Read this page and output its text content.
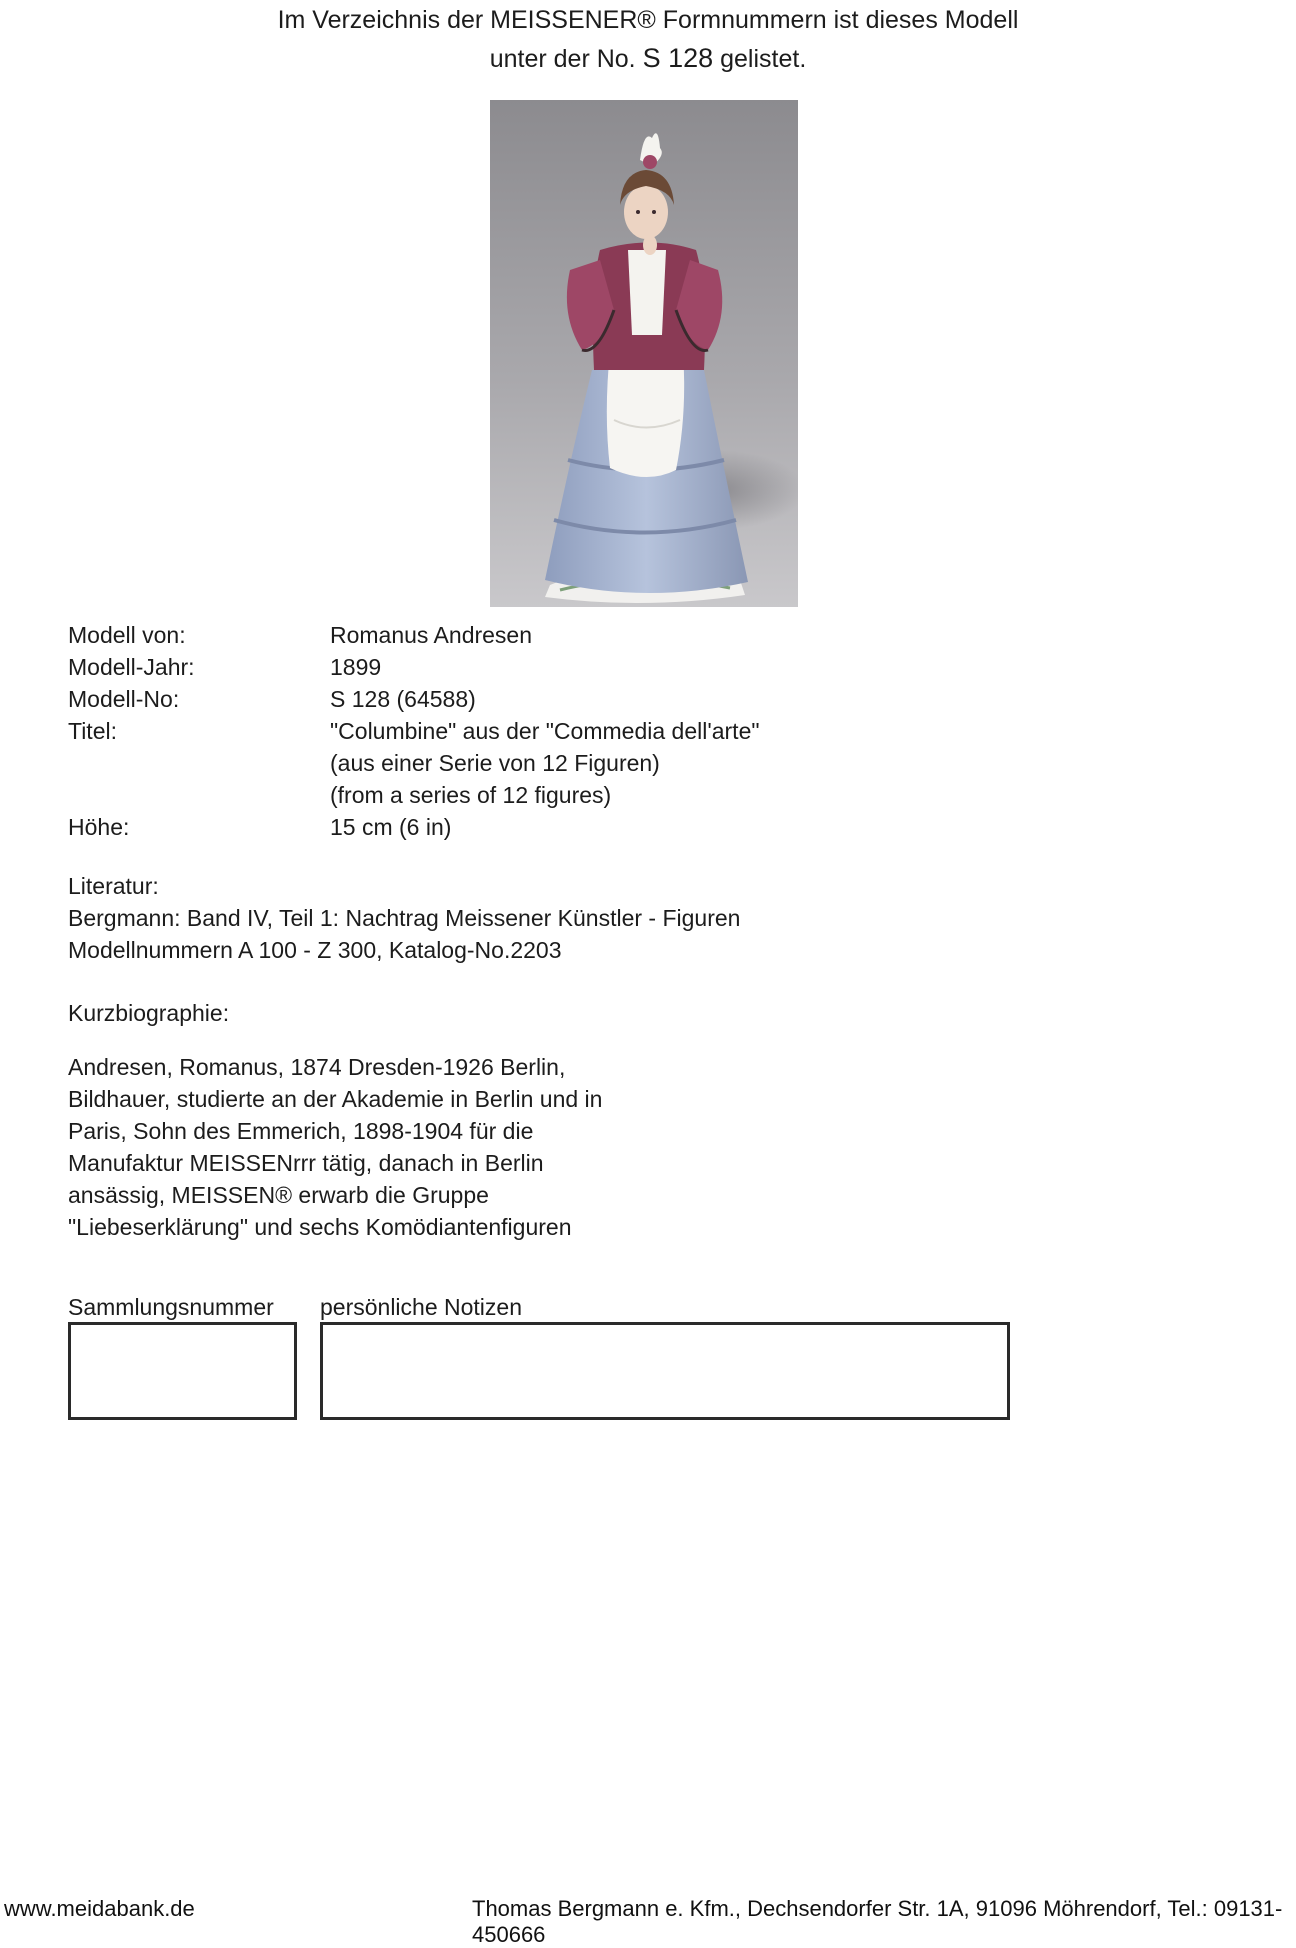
Im Verzeichnis der MEISSENER® Formnummern ist dieses Modell
unter der No. S 128 gelistet.
Modell von:	Romanus Andresen
Modell-Jahr:	1899
Modell-No:	S 128 (64588)
Titel:	"Columbine" aus der "Commedia dell'arte"
(aus einer Serie von 12 Figuren)
(from a series of 12 figures)
Höhe:	15 cm (6 in)
Literatur:
Bergmann: Band IV, Teil 1: Nachtrag Meissener Künstler - Figuren
Modellnummern A 100 - Z 300, Katalog-No.2203
Kurzbiographie:
Andresen, Romanus, 1874 Dresden-1926 Berlin,
Bildhauer, studierte an der Akademie in Berlin und in
Paris, Sohn des Emmerich, 1898-1904 für die
Manufaktur MEISSENrrr tätig, danach in Berlin
ansässig, MEISSEN® erwarb die Gruppe
"Liebeserklärung" und sechs Komödiantenfiguren
Sammlungsnummer persönliche Notizen
www.meidabank.de	Thomas Bergmann e. Kfm., Dechsendorfer Str. 1A, 91096 Möhrendorf, Tel.: 09131-450666
